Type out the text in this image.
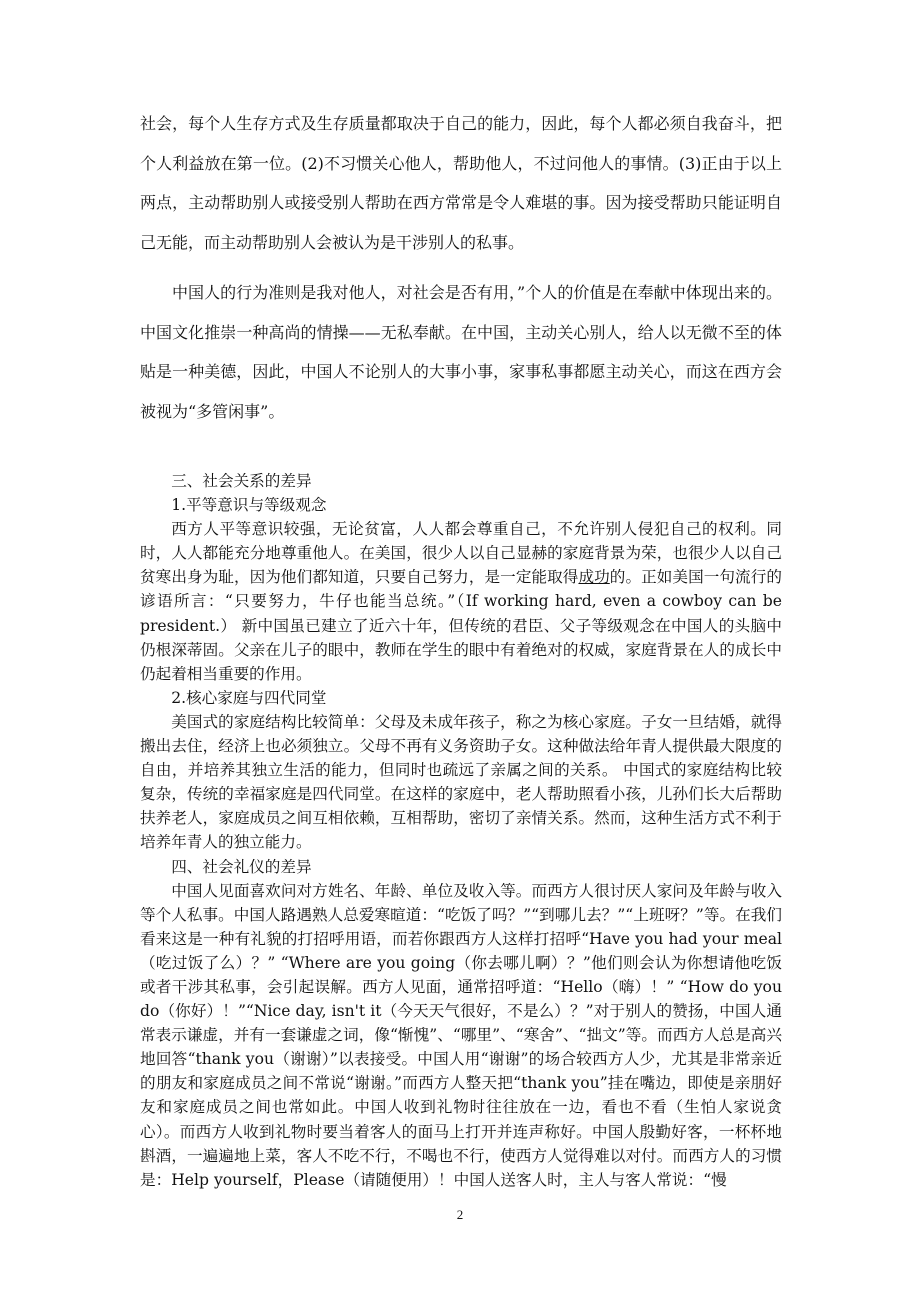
社会，每个人生存方式及生存质量都取决于自己的能力，因此，每个人都必须自我奋斗，把个人利益放在第一位。(2)不习惯关心他人，帮助他人，不过问他人的事情。(3)正由于以上两点，主动帮助别人或接受别人帮助在西方常常是令人难堪的事。因为接受帮助只能证明自己无能，而主动帮助别人会被认为是干涉别人的私事。

中国人的行为准则是我对他人，对社会是否有用，”个人的价值是在奉献中体现出来的。中国文化推崇一种高尚的情操——无私奉献。在中国，主动关心别人，给人以无微不至的体贴是一种美德，因此，中国人不论别人的大事小事，家事私事都愿主动关心，而这在西方会被视为“多管闲事”。

三、社会关系的差异

1.平等意识与等级观念

西方人平等意识较强，无论贫富，人人都会尊重自己，不允许别人侵犯自己的权利。同时，人人都能充分地尊重他人。在美国，很少人以自己显赫的家庭背景为荣，也很少人以自己贫寒出身为耻，因为他们都知道，只要自己努力，是一定能取得成功的。正如美国一句流行的谚语所言：“只要努力，牛仔也能当总统。”（If working hard, even a cowboy can be president.） 新中国虽已建立了近六十年，但传统的君臣、父子等级观念在中国人的头脑中仍根深蒂固。父亲在儿子的眼中，教师在学生的眼中有着绝对的权威，家庭背景在人的成长中仍起着相当重要的作用。

2.核心家庭与四代同堂

美国式的家庭结构比较简单：父母及未成年孩子，称之为核心家庭。子女一旦结婚，就得搬出去住，经济上也必须独立。父母不再有义务资助子女。这种做法给年青人提供最大限度的自由，并培养其独立生活的能力，但同时也疏远了亲属之间的关系。 中国式的家庭结构比较复杂，传统的幸福家庭是四代同堂。在这样的家庭中，老人帮助照看小孩，儿孙们长大后帮助扶养老人，家庭成员之间互相依赖，互相帮助，密切了亲情关系。然而，这种生活方式不利于培养年青人的独立能力。

四、社会礼仪的差异

中国人见面喜欢问对方姓名、年龄、单位及收入等。而西方人很讨厌人家问及年龄与收入等个人私事。中国人路遇熟人总爱寒暄道：“吃饭了吗？”“到哪儿去？”“上班呀？”等。在我们看来这是一种有礼貌的打招呼用语，而若你跟西方人这样打招呼“Have you had your meal（吃过饭了么）？” “Where are you going（你去哪儿啊）？”他们则会认为你想请他吃饭或者干涉其私事，会引起误解。西方人见面，通常招呼道：“Hello（嗨）！” “How do you do（你好）！”“Nice day, isn't it（今天天气很好，不是么）？”对于别人的赞扬，中国人通常表示谦虚，并有一套谦虚之词，像“惭愧”、“哪里”、“寒舍”、“拙文”等。而西方人总是高兴地回答“thank you（谢谢）”以表接受。中国人用“谢谢”的场合较西方人少，尤其是非常亲近的朋友和家庭成员之间不常说“谢谢。”而西方人整天把“thank you”挂在嘴边，即使是亲朋好友和家庭成员之间也常如此。中国人收到礼物时往往放在一边，看也不看（生怕人家说贪心）。而西方人收到礼物时要当着客人的面马上打开并连声称好。中国人殷勤好客，一杯杯地斟酒，一遍遍地上菜，客人不吃不行，不喝也不行，使西方人觉得难以对付。而西方人的习惯是：Help yourself，Please（请随便用）！中国人送客人时，主人与客人常说：“慢

2
